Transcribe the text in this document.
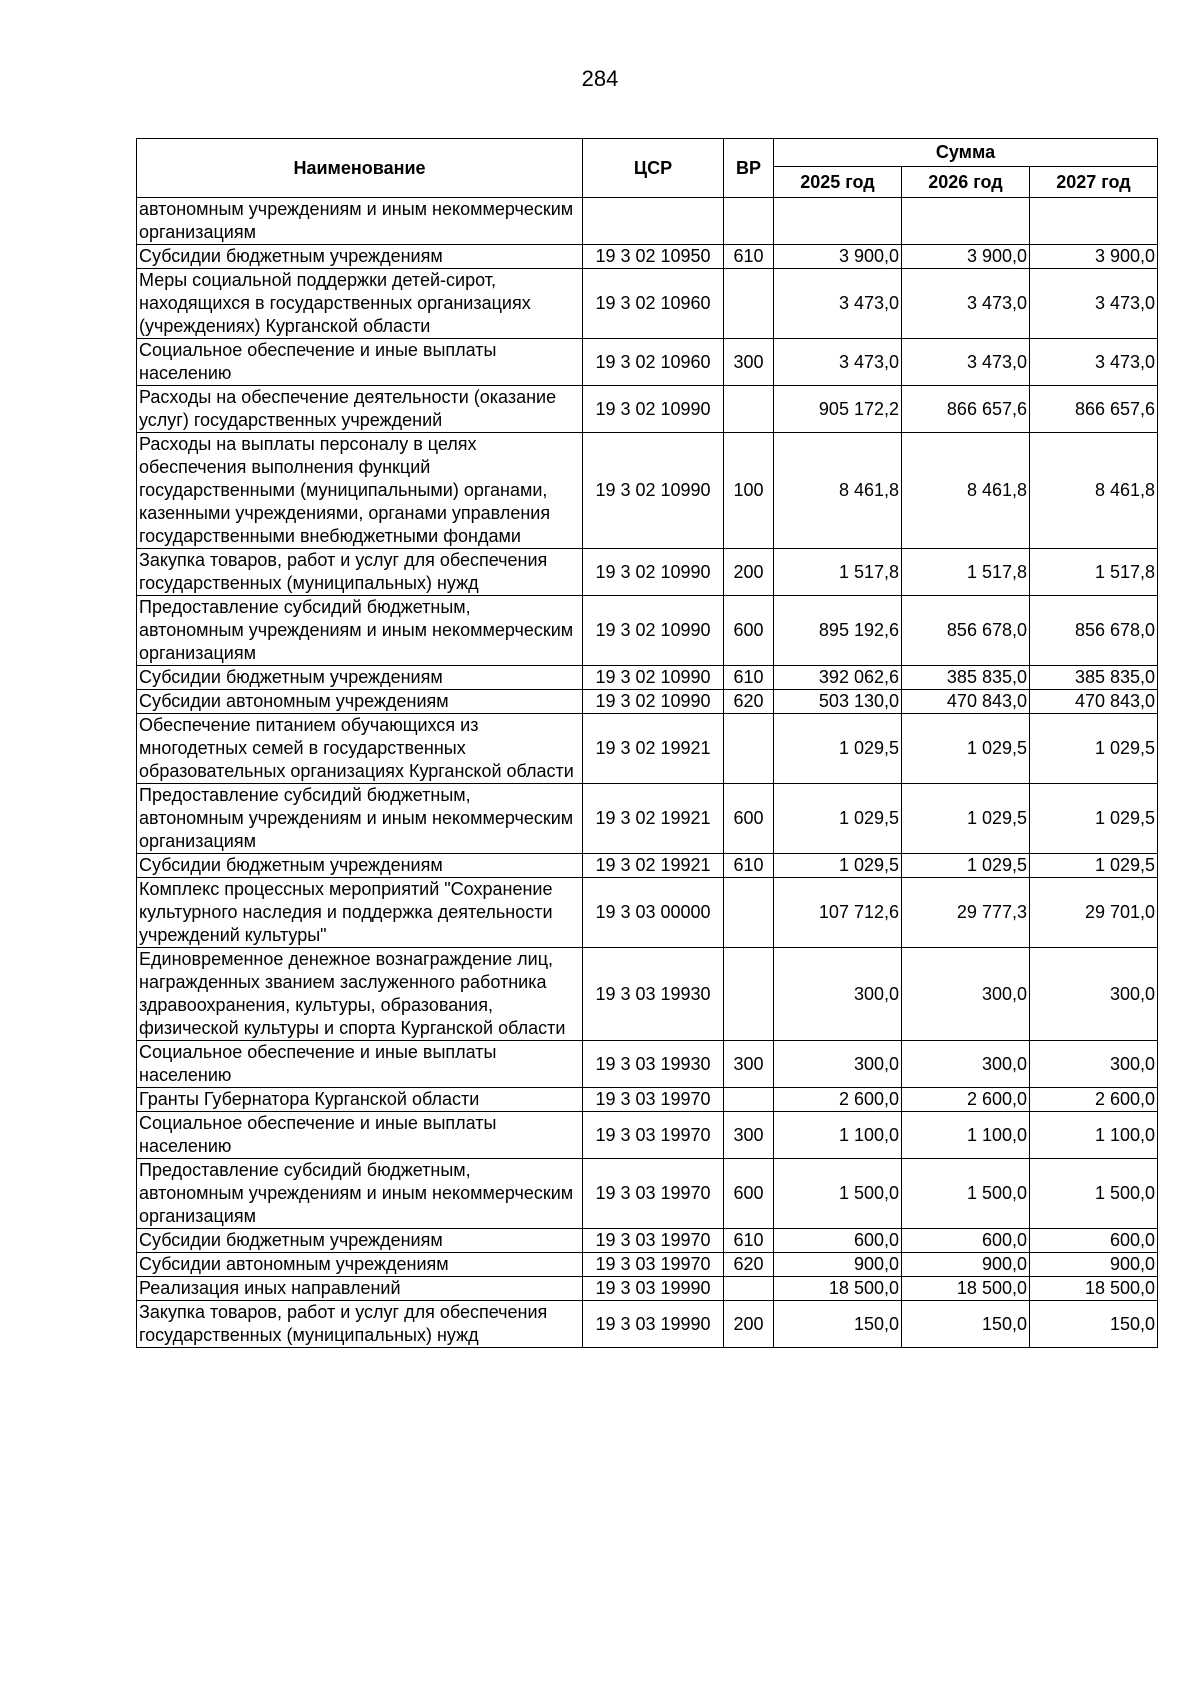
284
Наименование	ЦСР	ВР	Сумма		
			2025 год	2026 год	2027 год
автономным учреждениям и иным некоммерческим организациям					
Субсидии бюджетным учреждениям	19 3 02 10950	610	3 900,0	3 900,0	3 900,0
Меры социальной поддержки детей-сирот, находящихся в государственных организациях (учреждениях) Курганской области	19 3 02 10960		3 473,0	3 473,0	3 473,0
Социальное обеспечение и иные выплаты населению	19 3 02 10960	300	3 473,0	3 473,0	3 473,0
Расходы на обеспечение деятельности (оказание услуг) государственных учреждений	19 3 02 10990		905 172,2	866 657,6	866 657,6
Расходы на выплаты персоналу в целях обеспечения выполнения функций государственными (муниципальными) органами, казенными учреждениями, органами управления государственными внебюджетными фондами	19 3 02 10990	100	8 461,8	8 461,8	8 461,8
Закупка товаров, работ и услуг для обеспечения государственных (муниципальных) нужд	19 3 02 10990	200	1 517,8	1 517,8	1 517,8
Предоставление субсидий бюджетным, автономным учреждениям и иным некоммерческим организациям	19 3 02 10990	600	895 192,6	856 678,0	856 678,0
Субсидии бюджетным учреждениям	19 3 02 10990	610	392 062,6	385 835,0	385 835,0
Субсидии автономным учреждениям	19 3 02 10990	620	503 130,0	470 843,0	470 843,0
Обеспечение питанием обучающихся из многодетных семей в государственных образовательных организациях Курганской области	19 3 02 19921		1 029,5	1 029,5	1 029,5
Предоставление субсидий бюджетным, автономным учреждениям и иным некоммерческим организациям	19 3 02 19921	600	1 029,5	1 029,5	1 029,5
Субсидии бюджетным учреждениям	19 3 02 19921	610	1 029,5	1 029,5	1 029,5
Комплекс процессных мероприятий "Сохранение культурного наследия и поддержка деятельности учреждений культуры"	19 3 03 00000		107 712,6	29 777,3	29 701,0
Единовременное денежное вознаграждение лиц, награжденных званием заслуженного работника здравоохранения, культуры, образования, физической культуры и спорта Курганской области	19 3 03 19930		300,0	300,0	300,0
Социальное обеспечение и иные выплаты населению	19 3 03 19930	300	300,0	300,0	300,0
Гранты Губернатора Курганской области	19 3 03 19970		2 600,0	2 600,0	2 600,0
Социальное обеспечение и иные выплаты населению	19 3 03 19970	300	1 100,0	1 100,0	1 100,0
Предоставление субсидий бюджетным, автономным учреждениям и иным некоммерческим организациям	19 3 03 19970	600	1 500,0	1 500,0	1 500,0
Субсидии бюджетным учреждениям	19 3 03 19970	610	600,0	600,0	600,0
Субсидии автономным учреждениям	19 3 03 19970	620	900,0	900,0	900,0
Реализация иных направлений	19 3 03 19990		18 500,0	18 500,0	18 500,0
Закупка товаров, работ и услуг для обеспечения государственных (муниципальных) нужд	19 3 03 19990	200	150,0	150,0	150,0
